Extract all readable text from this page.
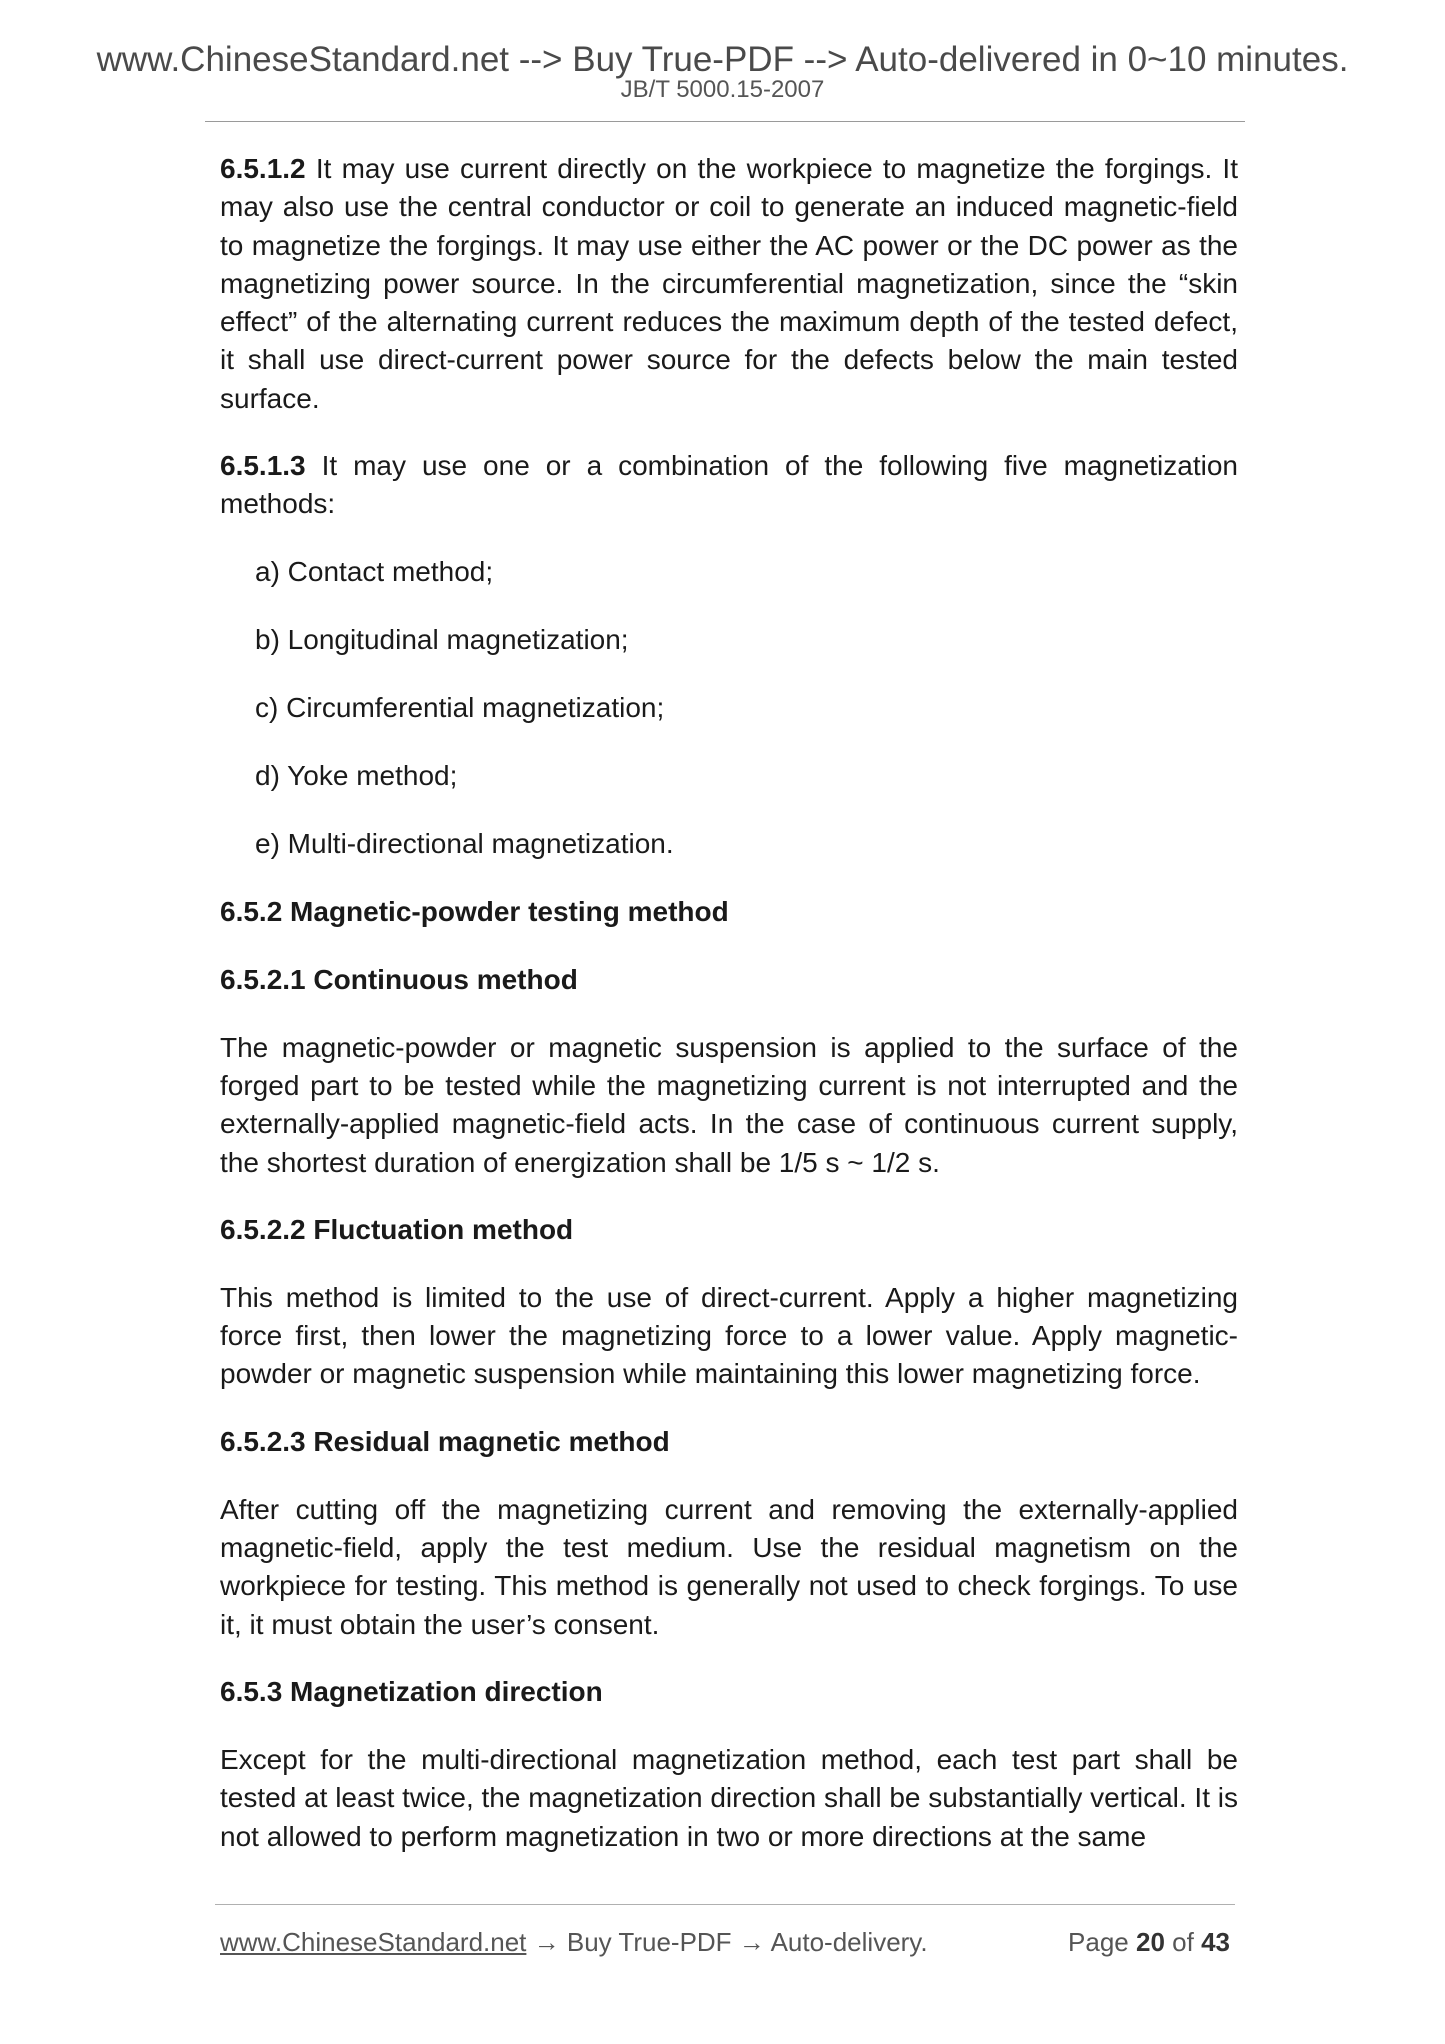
www.ChineseStandard.net --> Buy True-PDF --> Auto-delivered in 0~10 minutes.
JB/T 5000.15-2007

6.5.1.2 It may use current directly on the workpiece to magnetize the forgings. It may also use the central conductor or coil to generate an induced magnetic-field to magnetize the forgings. It may use either the AC power or the DC power as the magnetizing power source. In the circumferential magnetization, since the “skin effect” of the alternating current reduces the maximum depth of the tested defect, it shall use direct-current power source for the defects below the main tested surface.

6.5.1.3 It may use one or a combination of the following five magnetization methods:

a) Contact method;
b) Longitudinal magnetization;
c) Circumferential magnetization;
d) Yoke method;
e) Multi-directional magnetization.
6.5.2 Magnetic-powder testing method
6.5.2.1 Continuous method

The magnetic-powder or magnetic suspension is applied to the surface of the forged part to be tested while the magnetizing current is not interrupted and the externally-applied magnetic-field acts. In the case of continuous current supply, the shortest duration of energization shall be 1/5 s ~ 1/2 s.

6.5.2.2 Fluctuation method

This method is limited to the use of direct-current. Apply a higher magnetizing force first, then lower the magnetizing force to a lower value. Apply magnetic-powder or magnetic suspension while maintaining this lower magnetizing force.

6.5.2.3 Residual magnetic method

After cutting off the magnetizing current and removing the externally-applied magnetic-field, apply the test medium. Use the residual magnetism on the workpiece for testing. This method is generally not used to check forgings. To use it, it must obtain the user’s consent.

6.5.3 Magnetization direction

Except for the multi-directional magnetization method, each test part shall be tested at least twice, the magnetization direction shall be substantially vertical. It is not allowed to perform magnetization in two or more directions at the same

www.ChineseStandard.net → Buy True-PDF → Auto-delivery.	Page 20 of 43
